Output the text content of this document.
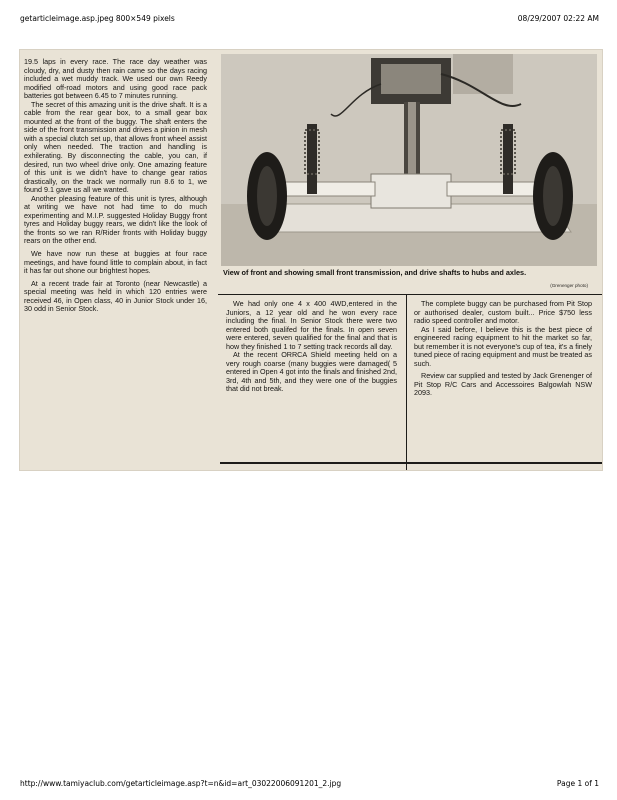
getarticleimage.asp.jpeg 800×549 pixels	08/29/2007 02:22 AM

19.5 laps in every race. The race day weather was cloudy, dry, and dusty then rain came so the days racing included a wet muddy track. We used our own Reedy modified off-road motors and using good race pack batteries got between 6.45 to 7 minutes running.

The secret of this amazing unit is the drive shaft. It is a cable from the rear gear box, to a small gear box mounted at the front of the buggy. The shaft enters the side of the front transmission and drives a pinion in mesh with a special clutch set up, that allows front wheel assist only when needed. The traction and handling is exhilerating. By disconnecting the cable, you can, if desired, run two wheel drive only. One amazing feature of this unit is we didn't have to change gear ratios drastically, on the track we normally run 8.6 to 1, we found 9.1 gave us all we wanted.

Another pleasing feature of this unit is tyres, although at writing we have not had time to do much experimenting and M.I.P. suggested Holiday Buggy front tyres and Holiday buggy rears, we didn't like the look of the fronts so we ran R/Rider fronts with Holiday buggy rears on the other end.

We have now run these at buggies at four race meetings, and have found little to complain about, in fact it has far out shone our brightest hopes.

At a recent trade fair at Toronto (near Newcastle) a special meeting was held in which 120 entries were received 46, in Open class, 40 in Junior Stock under 16, 30 odd in Senior Stock.

View of front and showing small front transmission, and drive shafts to hubs and axles.
(Grenenger photo)

We had only one 4 x 400 4WD,entered in the Juniors, a 12 year old and he won every race including the final. In Senior Stock there were two entered both qualifed for the finals. In open seven were entered, seven qualified for the final and that is how they finished 1 to 7 setting track records all day.

At the recent ORRCA Shield meeting held on a very rough coarse (many buggies were damaged( 5 entered in Open 4 got into the finals and finished 2nd, 3rd, 4th and 5th, and they were one of the buggies that did not break.

The complete buggy can be purchased from Pit Stop or authorised dealer, custom built... Price $750 less radio speed controller and motor.

As I said before, I believe this is the best piece of engineered racing equipment to hit the market so far, but remember it is not everyone's cup of tea, it's a finely tuned piece of racing equipment and must be treated as such.

Review car supplied and tested by Jack Grenenger of Pit Stop R/C Cars and Accessoires Balgowlah NSW 2093.

http://www.tamiyaclub.com/getarticleimage.asp?t=n&id=art_03022006091201_2.jpg	Page 1 of 1
